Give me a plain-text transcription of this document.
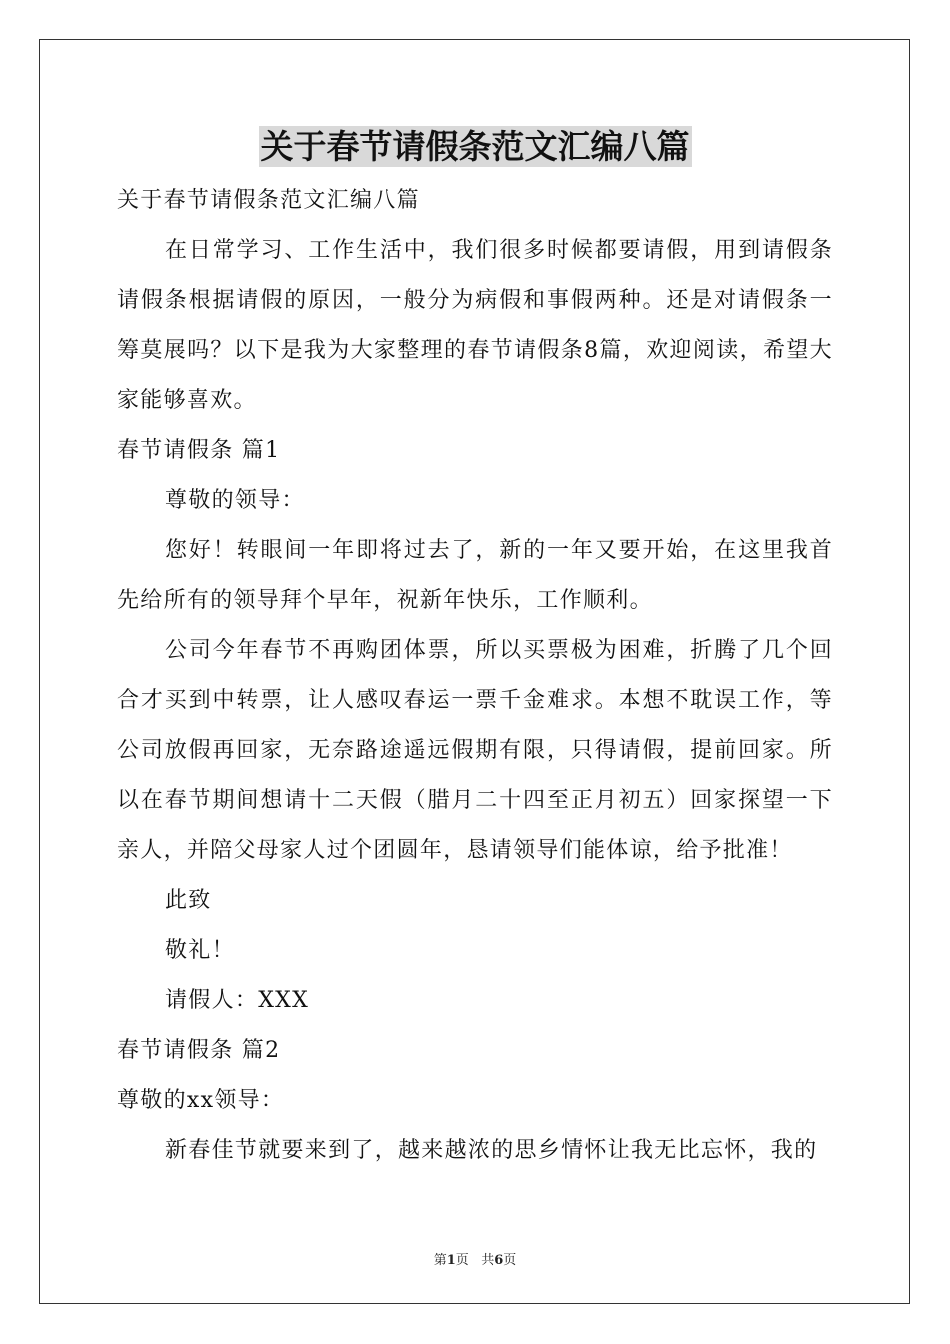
关于春节请假条范文汇编八篇

关于春节请假条范文汇编八篇

在日常学习、工作生活中，我们很多时候都要请假，用到请假条请假条根据请假的原因，一般分为病假和事假两种。还是对请假条一筹莫展吗？以下是我为大家整理的春节请假条8篇，欢迎阅读，希望大家能够喜欢。

春节请假条 篇1

尊敬的领导：

您好！转眼间一年即将过去了，新的一年又要开始，在这里我首先给所有的领导拜个早年，祝新年快乐，工作顺利。

公司今年春节不再购团体票，所以买票极为困难，折腾了几个回合才买到中转票，让人感叹春运一票千金难求。本想不耽误工作，等公司放假再回家，无奈路途遥远假期有限，只得请假，提前回家。所以在春节期间想请十二天假（腊月二十四至正月初五）回家探望一下亲人，并陪父母家人过个团圆年，恳请领导们能体谅，给予批准！

此致

敬礼！

请假人：XXX

春节请假条 篇2

尊敬的xx领导：

新春佳节就要来到了，越来越浓的思乡情怀让我无比忘怀，我的

第1页 共6页
